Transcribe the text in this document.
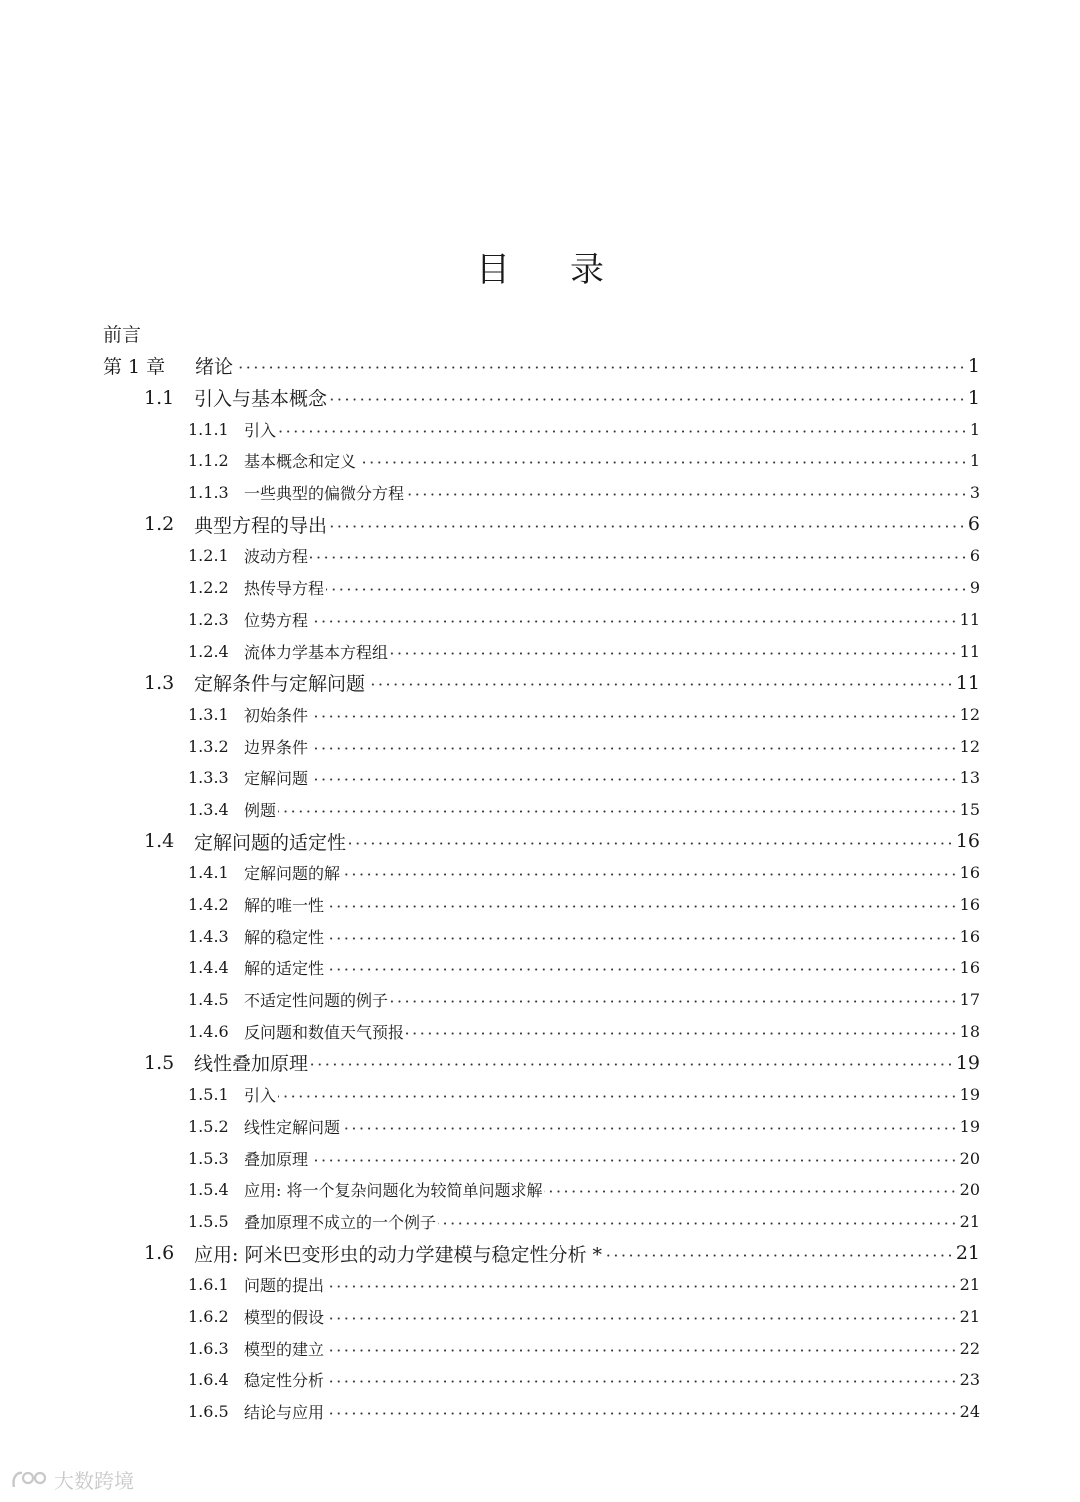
目 录
前言
第 1 章	绪论	1
1.1	引入与基本概念	1
1.1.1 引入	1
1.1.2 基本概念和定义	1
1.1.3 一些典型的偏微分方程	3
1.2	典型方程的导出	6
1.2.1 波动方程	6
1.2.2 热传导方程	9
1.2.3 位势方程	11
1.2.4 流体力学基本方程组	11
1.3	定解条件与定解问题	11
1.3.1 初始条件	12
1.3.2 边界条件	12
1.3.3 定解问题	13
1.3.4 例题	15
1.4	定解问题的适定性	16
1.4.1 定解问题的解	16
1.4.2 解的唯一性	16
1.4.3 解的稳定性	16
1.4.4 解的适定性	16
1.4.5 不适定性问题的例子	17
1.4.6 反问题和数值天气预报	18
1.5	线性叠加原理	19
1.5.1 引入	19
1.5.2 线性定解问题	19
1.5.3 叠加原理	20
1.5.4 应用: 将一个复杂问题化为较简单问题求解	20
1.5.5 叠加原理不成立的一个例子	21
1.6	应用: 阿米巴变形虫的动力学建模与稳定性分析 *	21
1.6.1 问题的提出	21
1.6.2 模型的假设	21
1.6.3 模型的建立	22
1.6.4 稳定性分析	23
1.6.5 结论与应用	24
大数跨境
